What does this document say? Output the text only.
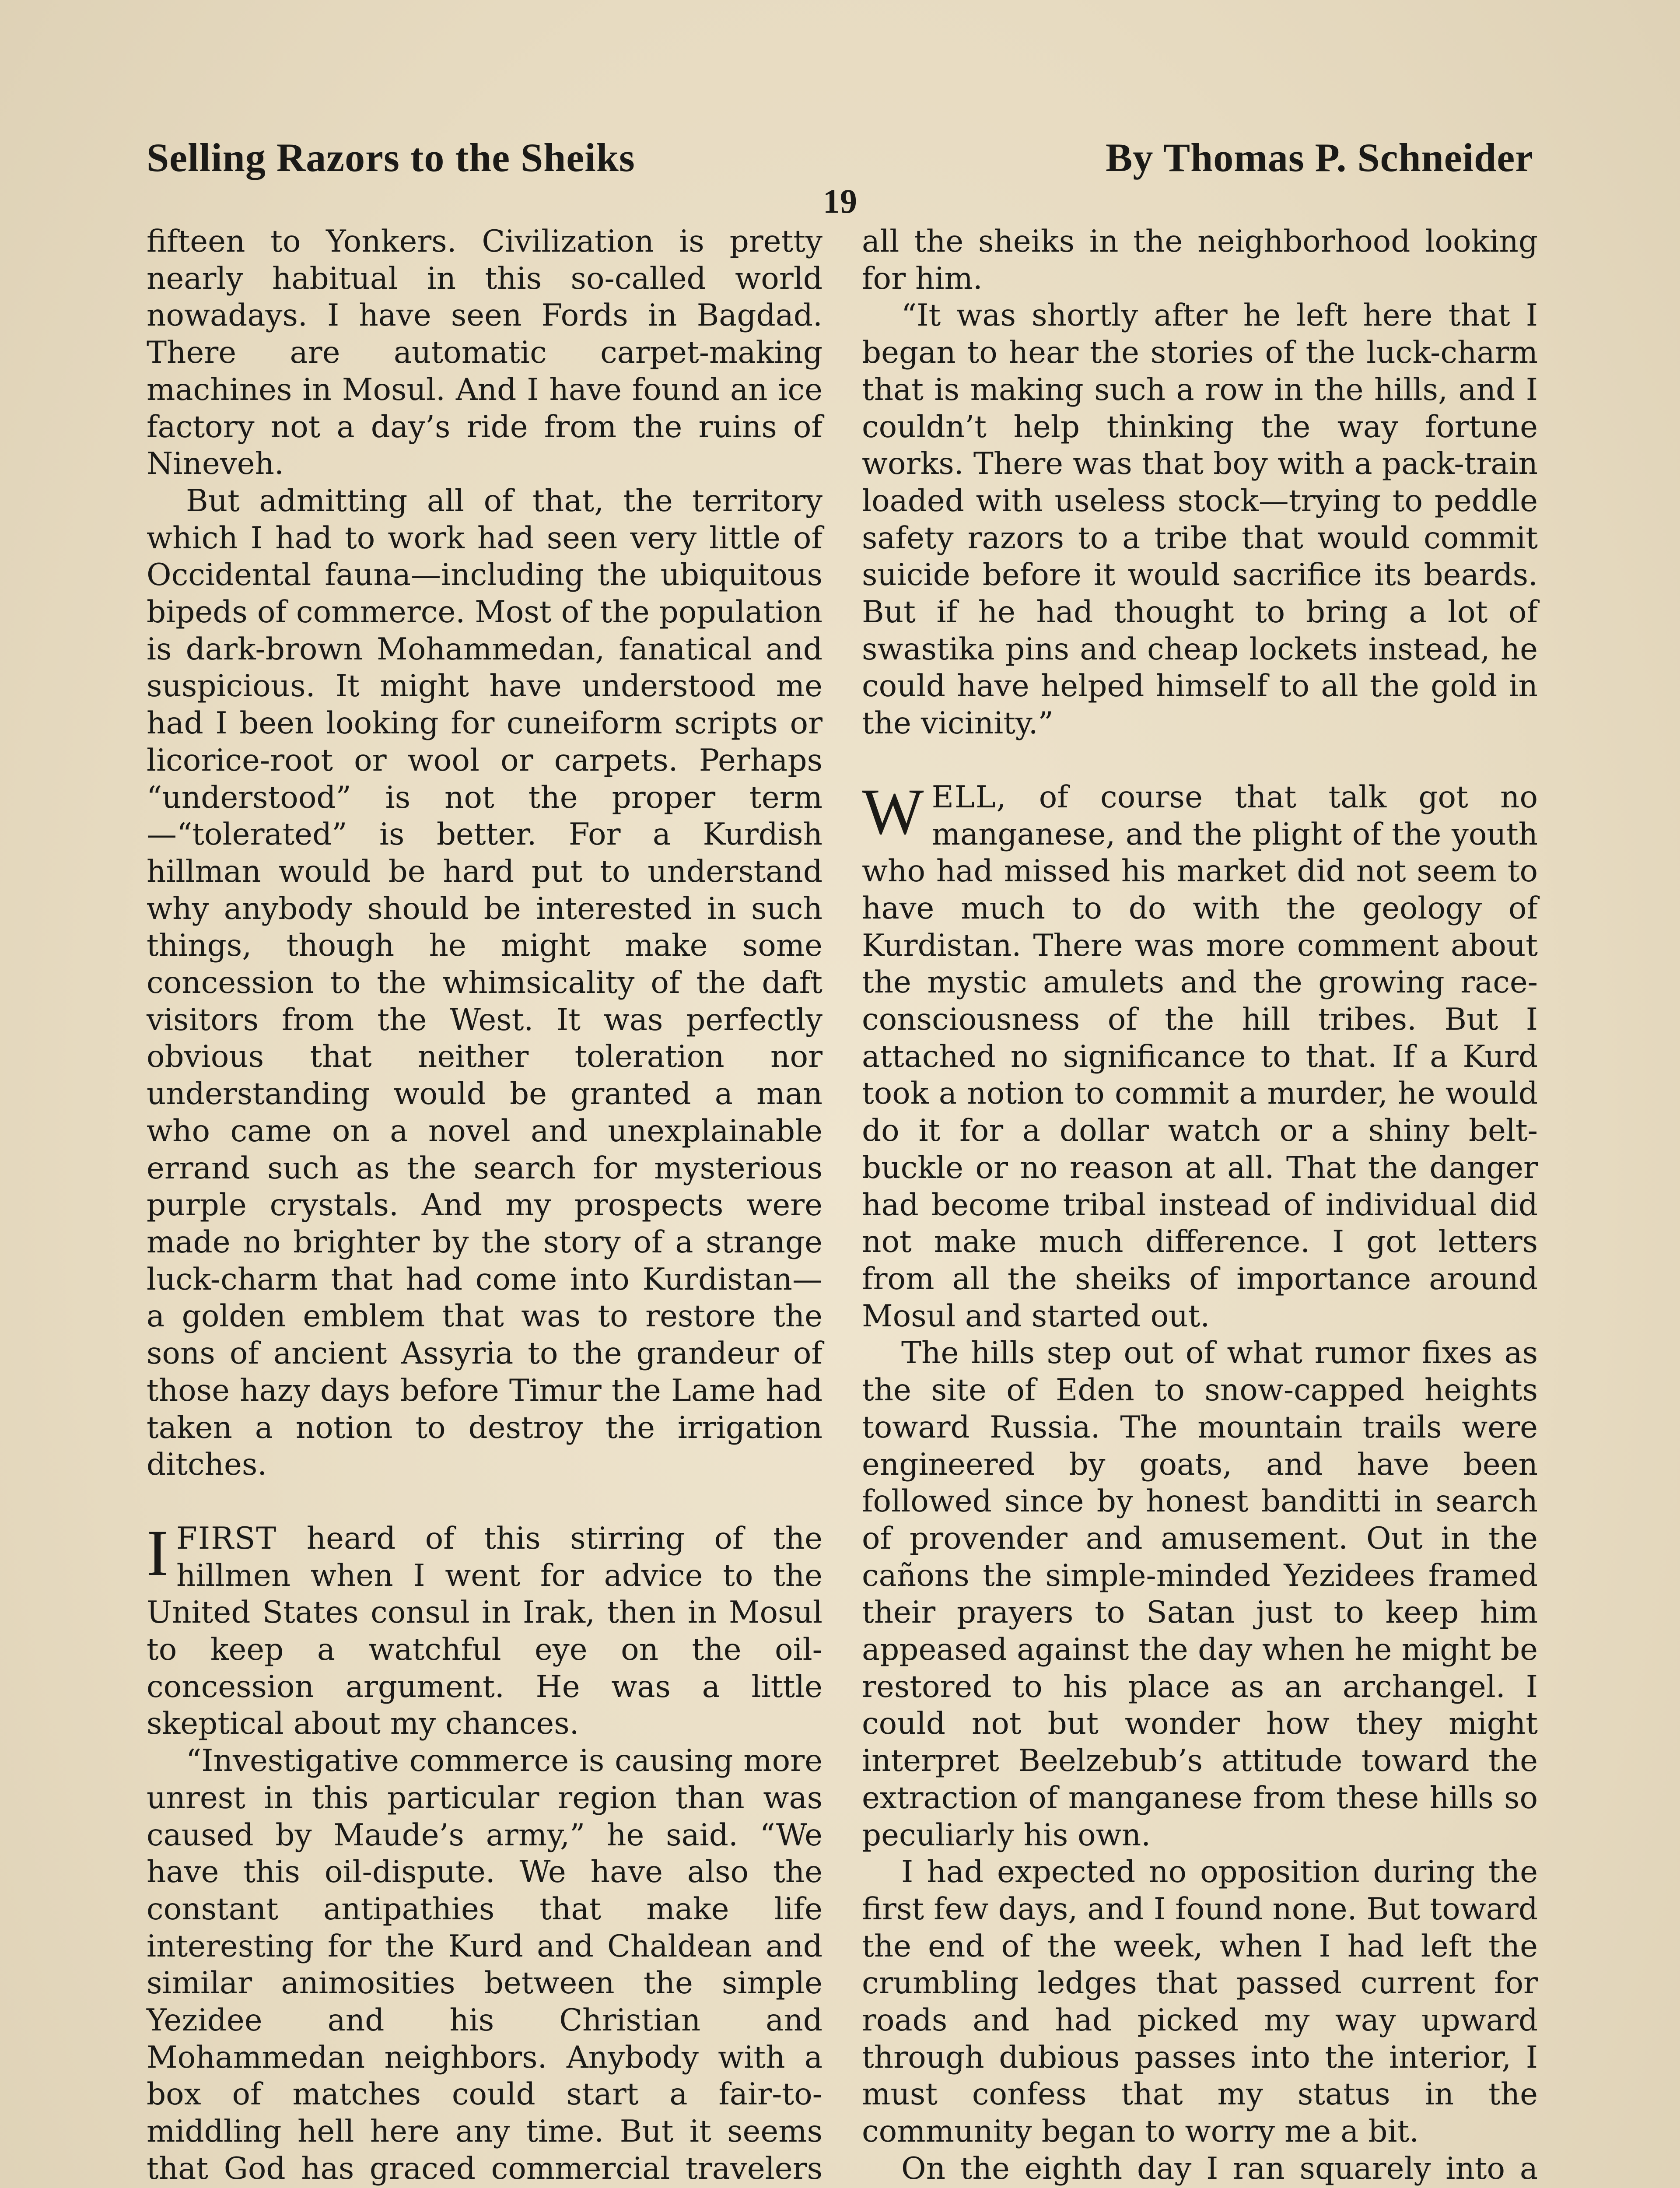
Selling Razors to the Sheiks	By Thomas P. Schneider
19

fifteen to Yonkers. Civilization is pretty nearly habitual in this so-called world nowadays. I have seen Fords in Bagdad. There are automatic carpet-making machines in Mosul. And I have found an ice factory not a day’s ride from the ruins of Nineveh.

But admitting all of that, the territory which I had to work had seen very little of Occidental fauna—including the ubiquitous bipeds of commerce. Most of the population is dark-brown Mohammedan, fanatical and suspicious. It might have understood me had I been looking for cuneiform scripts or licorice-root or wool or carpets. Perhaps “understood” is not the proper term—“tolerated” is better. For a Kurdish hillman would be hard put to understand why anybody should be interested in such things, though he might make some concession to the whimsicality of the daft visitors from the West. It was perfectly obvious that neither toleration nor understanding would be granted a man who came on a novel and unexplainable errand such as the search for mysterious purple crystals. And my prospects were made no brighter by the story of a strange luck-charm that had come into Kurdistan—a golden emblem that was to restore the sons of ancient Assyria to the grandeur of those hazy days before Timur the Lame had taken a notion to destroy the irrigation ditches.

IFIRST heard of this stirring of the hillmen when I went for advice to the United States consul in Irak, then in Mosul to keep a watchful eye on the oil-concession argument. He was a little skeptical about my chances.

“Investigative commerce is causing more unrest in this particular region than was caused by Maude’s army,” he said. “We have this oil-dispute. We have also the constant antipathies that make life interesting for the Kurd and Chaldean and similar animosities between the simple Yezidee and his Christian and Mohammedan neighbors. Anybody with a box of matches could start a fair-to-middling hell here any time. But it seems that God has graced commercial travelers

all the sheiks in the neighborhood looking for him.

“It was shortly after he left here that I began to hear the stories of the luck-charm that is making such a row in the hills, and I couldn’t help thinking the way fortune works. There was that boy with a pack-train loaded with useless stock—trying to peddle safety razors to a tribe that would commit suicide before it would sacrifice its beards. But if he had thought to bring a lot of swastika pins and cheap lockets instead, he could have helped himself to all the gold in the vicinity.”

WELL, of course that talk got no manganese, and the plight of the youth who had missed his market did not seem to have much to do with the geology of Kurdistan. There was more comment about the mystic amulets and the growing race-consciousness of the hill tribes. But I attached no significance to that. If a Kurd took a notion to commit a murder, he would do it for a dollar watch or a shiny belt-buckle or no reason at all. That the danger had become tribal instead of individual did not make much difference. I got letters from all the sheiks of importance around Mosul and started out.

The hills step out of what rumor fixes as the site of Eden to snow-capped heights toward Russia. The mountain trails were engineered by goats, and have been followed since by honest banditti in search of provender and amusement. Out in the cañons the simple-minded Yezidees framed their prayers to Satan just to keep him appeased against the day when he might be restored to his place as an archangel. I could not but wonder how they might interpret Beelzebub’s attitude toward the extraction of manganese from these hills so peculiarly his own.

I had expected no opposition during the first few days, and I found none. But toward the end of the week, when I had left the crumbling ledges that passed current for roads and had picked my way upward through dubious passes into the interior, I must confess that my status in the community began to worry me a bit.

On the eighth day I ran squarely into a
